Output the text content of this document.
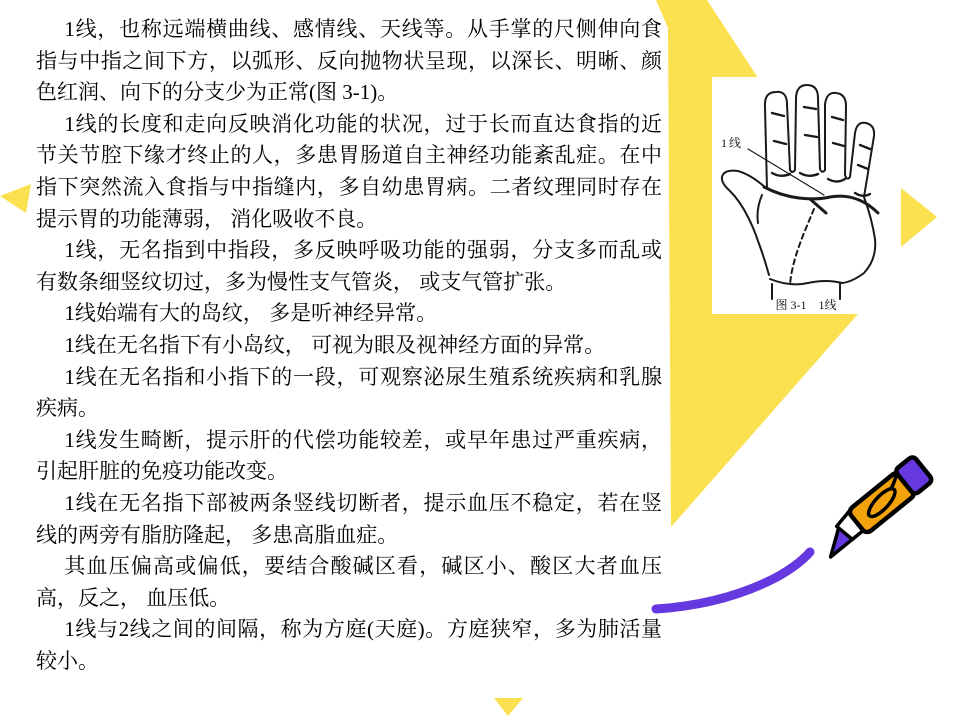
1线
图 3-1　1线

1线，也称远端横曲线、感情线、天线等。从手掌的尺侧伸向食指与中指之间下方，以弧形、反向抛物状呈现，以深长、明晰、颜色红润、向下的分支少为正常(图 3-1)。

1线的长度和走向反映消化功能的状况，过于长而直达食指的近节关节腔下缘才终止的人，多患胃肠道自主神经功能紊乱症。在中指下突然流入食指与中指缝内，多自幼患胃病。二者纹理同时存在提示胃的功能薄弱， 消化吸收不良。

1线，无名指到中指段，多反映呼吸功能的强弱，分支多而乱或有数条细竖纹切过，多为慢性支气管炎， 或支气管扩张。

1线始端有大的岛纹， 多是听神经异常。

1线在无名指下有小岛纹， 可视为眼及视神经方面的异常。

1线在无名指和小指下的一段，可观察泌尿生殖系统疾病和乳腺疾病。

1线发生畸断，提示肝的代偿功能较差，或早年患过严重疾病，引起肝脏的免疫功能改变。

1线在无名指下部被两条竖线切断者，提示血压不稳定，若在竖线的两旁有脂肪隆起， 多患高脂血症。

其血压偏高或偏低，要结合酸碱区看，碱区小、酸区大者血压高，反之， 血压低。

1线与2线之间的间隔，称为方庭(天庭)。方庭狭窄，多为肺活量较小。
